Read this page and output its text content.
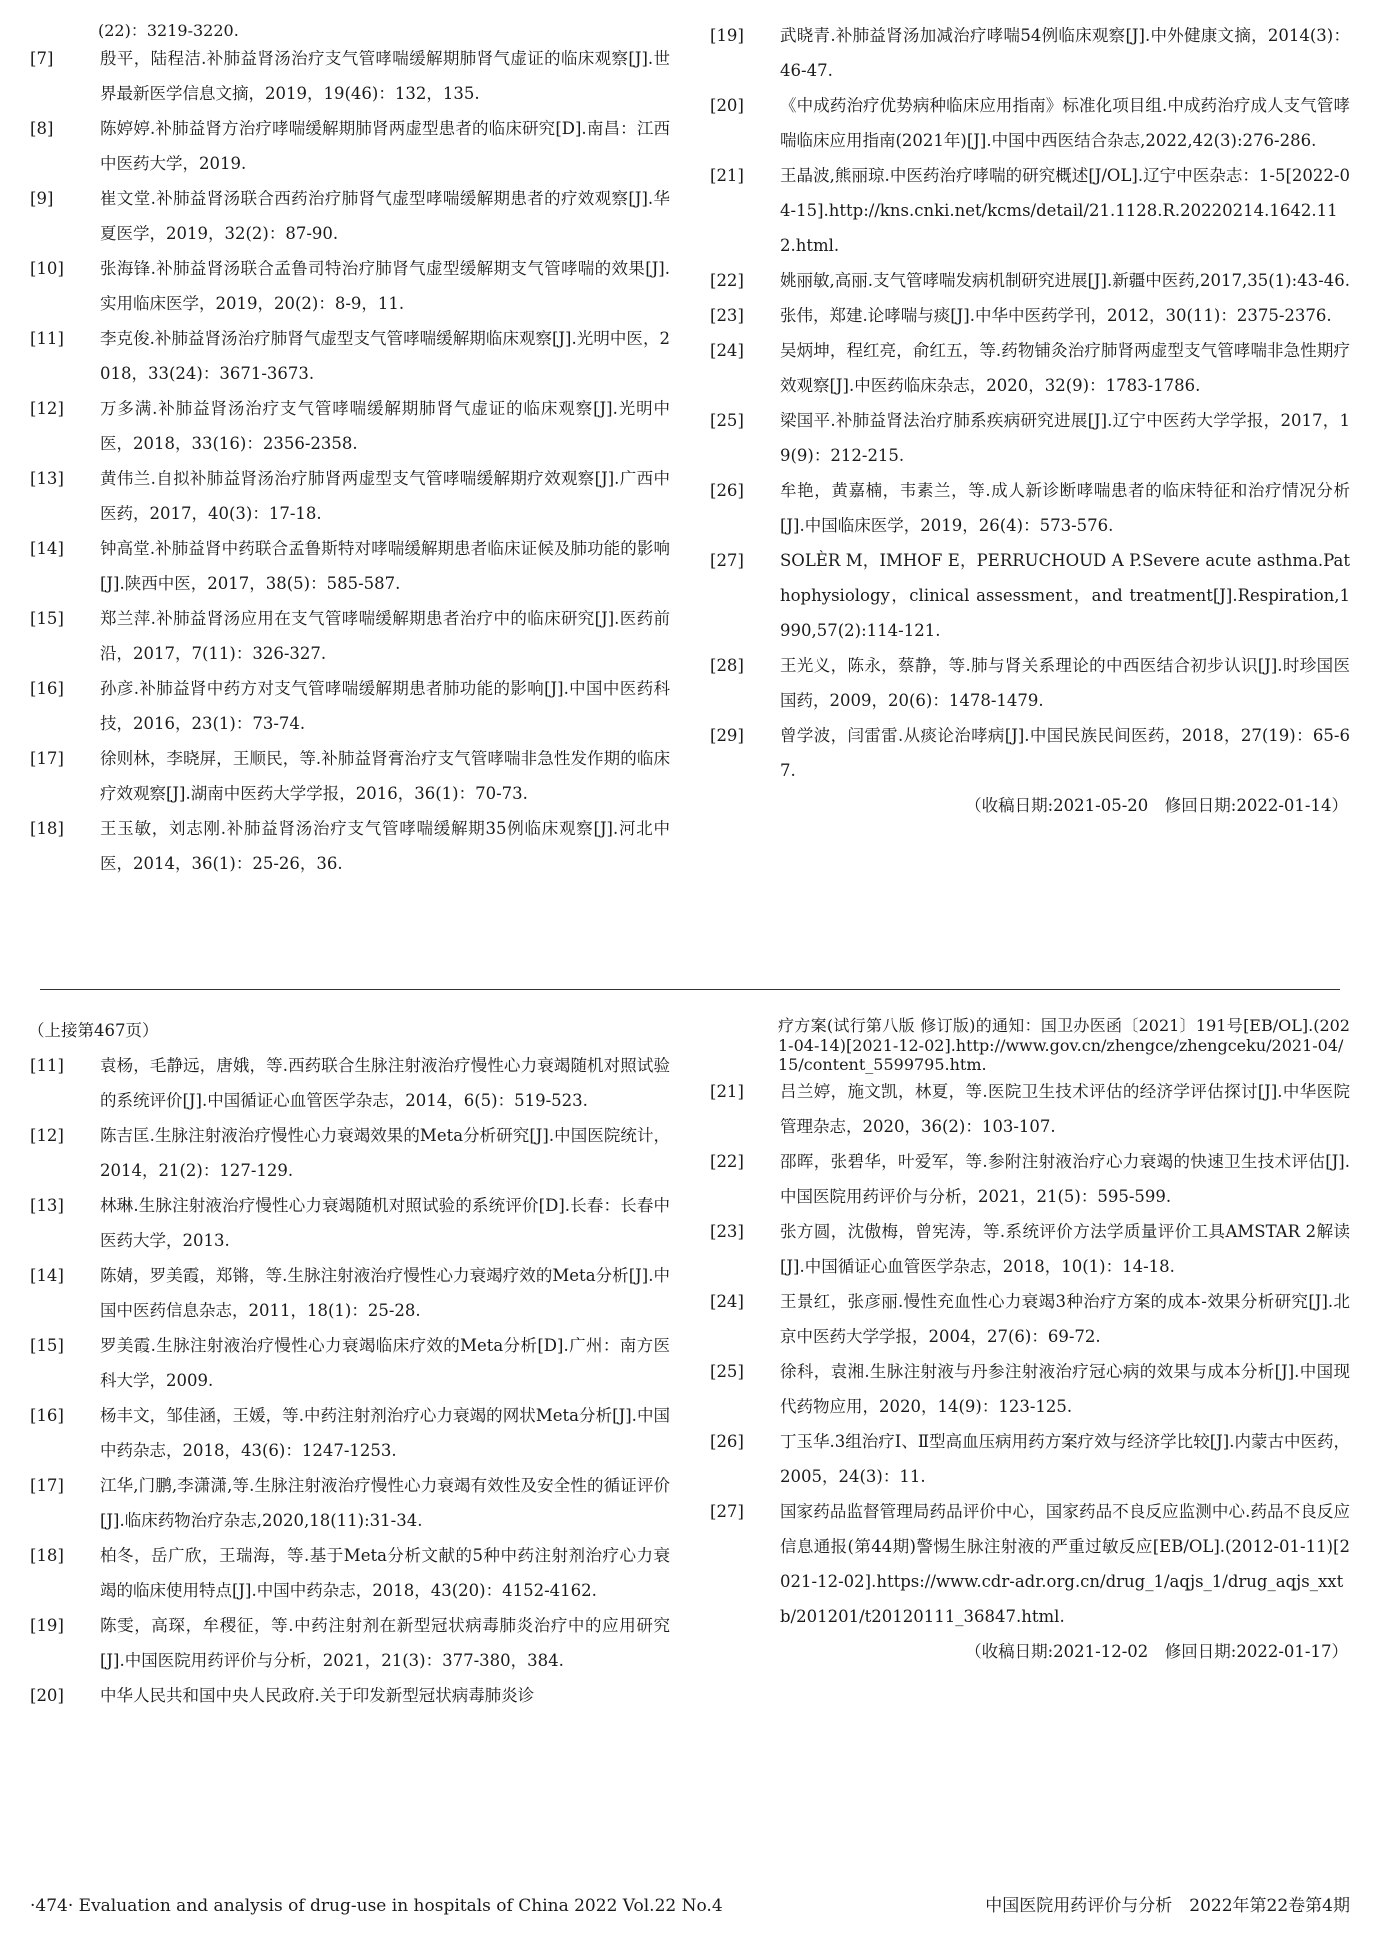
(22)：3219-3220.
[ 7 ]	殷平，陆程洁.补肺益肾汤治疗支气管哮喘缓解期肺肾气虚证的临床观察[J].世界最新医学信息文摘，2019，19(46)：132，135.
[ 8 ]	陈婷婷.补肺益肾方治疗哮喘缓解期肺肾两虚型患者的临床研究[D].南昌：江西中医药大学，2019.
[ 9 ]	崔文堂.补肺益肾汤联合西药治疗肺肾气虚型哮喘缓解期患者的疗效观察[J].华夏医学，2019，32(2)：87-90.
[ 10 ]	张海锋.补肺益肾汤联合孟鲁司特治疗肺肾气虚型缓解期支气管哮喘的效果[J].实用临床医学，2019，20(2)：8-9，11.
[ 11 ]	李克俊.补肺益肾汤治疗肺肾气虚型支气管哮喘缓解期临床观察[J].光明中医，2018，33(24)：3671-3673.
[ 12 ]	万多满.补肺益肾汤治疗支气管哮喘缓解期肺肾气虚证的临床观察[J].光明中医，2018，33(16)：2356-2358.
[ 13 ]	黄伟兰.自拟补肺益肾汤治疗肺肾两虚型支气管哮喘缓解期疗效观察[J].广西中医药，2017，40(3)：17-18.
[ 14 ]	钟高堂.补肺益肾中药联合孟鲁斯特对哮喘缓解期患者临床证候及肺功能的影响[J].陕西中医，2017，38(5)：585-587.
[ 15 ]	郑兰萍.补肺益肾汤应用在支气管哮喘缓解期患者治疗中的临床研究[J].医药前沿，2017，7(11)：326-327.
[ 16 ]	孙彦.补肺益肾中药方对支气管哮喘缓解期患者肺功能的影响[J].中国中医药科技，2016，23(1)：73-74.
[ 17 ]	徐则林，李晓屏，王顺民，等.补肺益肾膏治疗支气管哮喘非急性发作期的临床疗效观察[J].湖南中医药大学学报，2016，36(1)：70-73.
[ 18 ]	王玉敏，刘志刚.补肺益肾汤治疗支气管哮喘缓解期35例临床观察[J].河北中医，2014，36(1)：25-26，36.
[ 19 ]	武晓青.补肺益肾汤加减治疗哮喘54例临床观察[J].中外健康文摘，2014(3)：46-47.
[ 20 ]	《中成药治疗优势病种临床应用指南》标准化项目组.中成药治疗成人支气管哮喘临床应用指南(2021年)[J].中国中西医结合杂志,2022,42(3):276-286.
[ 21 ]	王晶波,熊丽琼.中医药治疗哮喘的研究概述[J/OL].辽宁中医杂志：1-5[2022-04-15].http://kns.cnki.net/kcms/detail/21.1128.R.20220214.1642.112.html.
[ 22 ]	姚丽敏,高丽.支气管哮喘发病机制研究进展[J].新疆中医药,2017,35(1):43-46.
[ 23 ]	张伟，郑建.论哮喘与痰[J].中华中医药学刊，2012，30(11)：2375-2376.
[ 24 ]	吴炳坤，程红亮，俞红五，等.药物铺灸治疗肺肾两虚型支气管哮喘非急性期疗效观察[J].中医药临床杂志，2020，32(9)：1783-1786.
[ 25 ]	梁国平.补肺益肾法治疗肺系疾病研究进展[J].辽宁中医药大学学报，2017，19(9)：212-215.
[ 26 ]	牟艳，黄嘉楠，韦素兰，等.成人新诊断哮喘患者的临床特征和治疗情况分析[J].中国临床医学，2019，26(4)：573-576.
[ 27 ]	SOLÈR M，IMHOF E，PERRUCHOUD A P.Severe acute asthma.Pathophysiology，clinical assessment，and treatment[J].Respiration,1990,57(2):114-121.
[ 28 ]	王光义，陈永，蔡静，等.肺与肾关系理论的中西医结合初步认识[J].时珍国医国药，2009，20(6)：1478-1479.
[ 29 ]	曾学波，闫雷雷.从痰论治哮病[J].中国民族民间医药，2018，27(19)：65-67.
（收稿日期:2021-05-20　修回日期:2022-01-14）
（上接第467页）
[ 11 ]	袁杨，毛静远，唐娥，等.西药联合生脉注射液治疗慢性心力衰竭随机对照试验的系统评价[J].中国循证心血管医学杂志，2014，6(5)：519-523.
[ 12 ]	陈吉匡.生脉注射液治疗慢性心力衰竭效果的Meta分析研究[J].中国医院统计，2014，21(2)：127-129.
[ 13 ]	林琳.生脉注射液治疗慢性心力衰竭随机对照试验的系统评价[D].长春：长春中医药大学，2013.
[ 14 ]	陈婧，罗美霞，郑锵，等.生脉注射液治疗慢性心力衰竭疗效的Meta分析[J].中国中医药信息杂志，2011，18(1)：25-28.
[ 15 ]	罗美霞.生脉注射液治疗慢性心力衰竭临床疗效的Meta分析[D].广州：南方医科大学，2009.
[ 16 ]	杨丰文，邹佳涵，王媛，等.中药注射剂治疗心力衰竭的网状Meta分析[J].中国中药杂志，2018，43(6)：1247-1253.
[ 17 ]	江华,门鹏,李潇潇,等.生脉注射液治疗慢性心力衰竭有效性及安全性的循证评价[J].临床药物治疗杂志,2020,18(11):31-34.
[ 18 ]	柏冬，岳广欣，王瑞海，等.基于Meta分析文献的5种中药注射剂治疗心力衰竭的临床使用特点[J].中国中药杂志，2018，43(20)：4152-4162.
[ 19 ]	陈雯，高琛，牟稷征，等.中药注射剂在新型冠状病毒肺炎治疗中的应用研究[J].中国医院用药评价与分析，2021，21(3)：377-380，384.
[ 20 ]	中华人民共和国中央人民政府.关于印发新型冠状病毒肺炎诊
疗方案(试行第八版 修订版)的通知：国卫办医函〔2021〕191号[EB/OL].(2021-04-14)[2021-12-02].http://www.gov.cn/zhengce/zhengceku/2021-04/15/content_5599795.htm.
[ 21 ]	吕兰婷，施文凯，林夏，等.医院卫生技术评估的经济学评估探讨[J].中华医院管理杂志，2020，36(2)：103-107.
[ 22 ]	邵晖，张碧华，叶爱军，等.参附注射液治疗心力衰竭的快速卫生技术评估[J].中国医院用药评价与分析，2021，21(5)：595-599.
[ 23 ]	张方圆，沈傲梅，曾宪涛，等.系统评价方法学质量评价工具AMSTAR 2解读[J].中国循证心血管医学杂志，2018，10(1)：14-18.
[ 24 ]	王景红，张彦丽.慢性充血性心力衰竭3种治疗方案的成本-效果分析研究[J].北京中医药大学学报，2004，27(6)：69-72.
[ 25 ]	徐科，袁湘.生脉注射液与丹参注射液治疗冠心病的效果与成本分析[J].中国现代药物应用，2020，14(9)：123-125.
[ 26 ]	丁玉华.3组治疗Ⅰ、Ⅱ型高血压病用药方案疗效与经济学比较[J].内蒙古中医药，2005，24(3)：11.
[ 27 ]	国家药品监督管理局药品评价中心，国家药品不良反应监测中心.药品不良反应信息通报(第44期)警惕生脉注射液的严重过敏反应[EB/OL].(2012-01-11)[2021-12-02].https://www.cdr-adr.org.cn/drug_1/aqjs_1/drug_aqjs_xxtb/201201/t20120111_36847.html.
（收稿日期:2021-12-02　修回日期:2022-01-17）
·474· Evaluation and analysis of drug-use in hospitals of China 2022 Vol.22 No.4	中国医院用药评价与分析　2022年第22卷第4期
